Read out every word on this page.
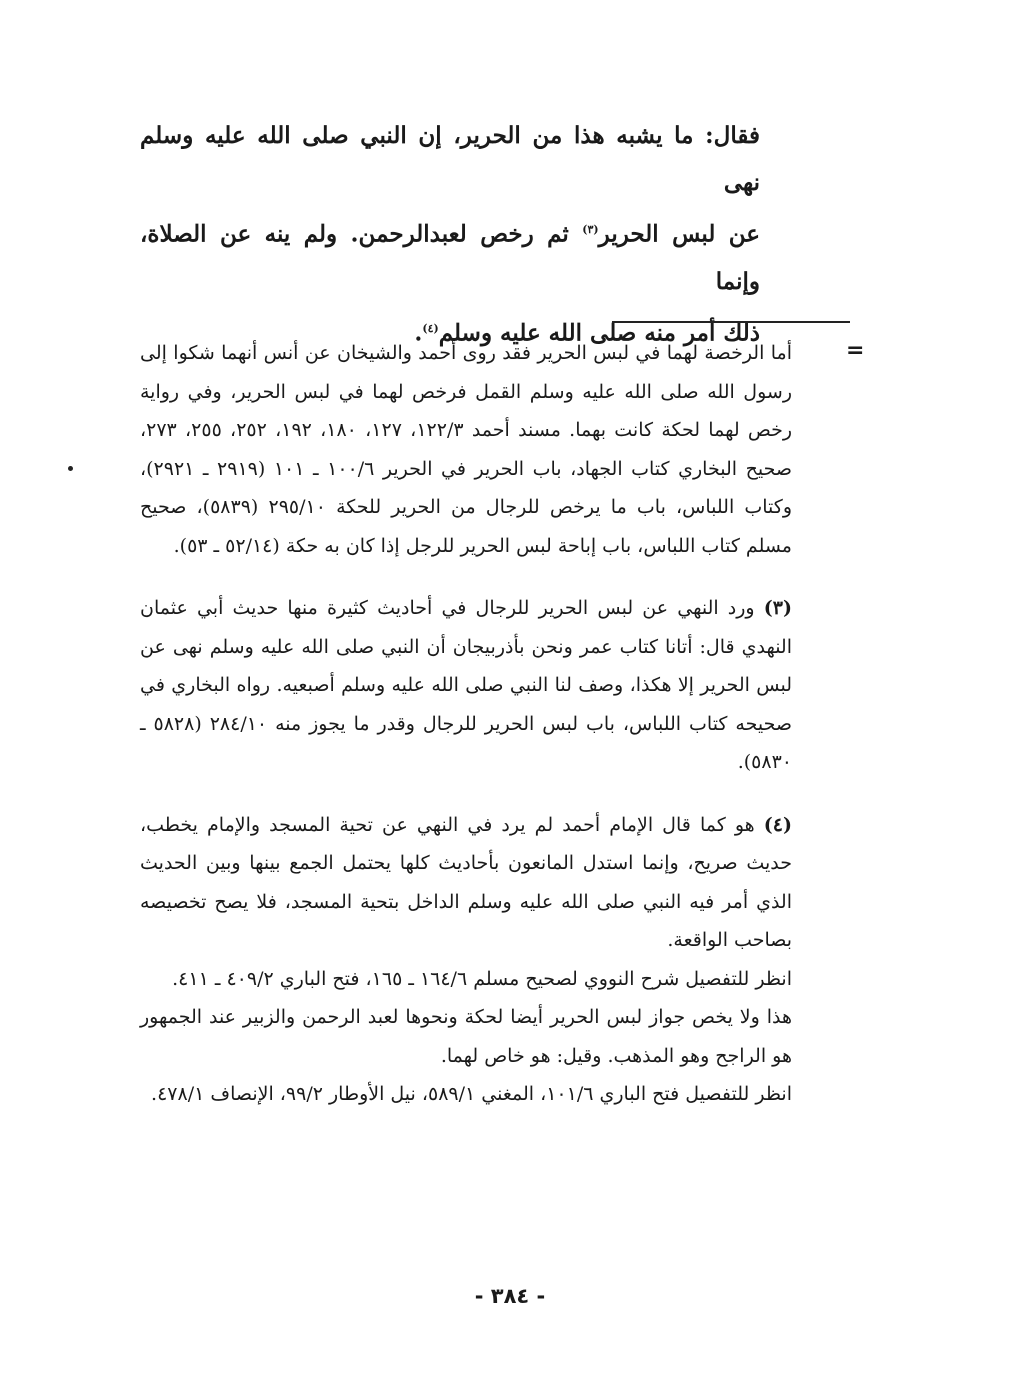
فقال: ما يشبه هذا من الحرير، إن النبي صلى الله عليه وسلم نهى

عن لبس الحرير$^{(٣)}$ ثم رخص لعبدالرحمن. ولم ينه عن الصلاة، وإنما

ذلك أمر منه صلى الله عليه وسلم$^{(٤)}$.

=

أما الرخصة لهما في لبس الحرير فقد روى أحمد والشيخان عن أنس أنهما شكوا إلى رسول الله صلى الله عليه وسلم القمل فرخص لهما في لبس الحرير، وفي رواية رخص لهما لحكة كانت بهما. مسند أحمد ١٢٢/٣، ١٢٧، ١٨٠، ١٩٢، ٢٥٢، ٢٥٥، ٢٧٣، صحيح البخاري كتاب الجهاد، باب الحرير في الحرير ١٠٠/٦ ـ ١٠١ (٢٩١٩ ـ ٢٩٢١)، وكتاب اللباس، باب ما يرخص للرجال من الحرير للحكة ٢٩٥/١٠ (٥٨٣٩)، صحيح مسلم كتاب اللباس، باب إباحة لبس الحرير للرجل إذا كان به حكة (٥٢/١٤ ـ ٥٣).

(٣) ورد النهي عن لبس الحرير للرجال في أحاديث كثيرة منها حديث أبي عثمان النهدي قال: أتانا كتاب عمر ونحن بأذربيجان أن النبي صلى الله عليه وسلم نهى عن لبس الحرير إلا هكذا، وصف لنا النبي صلى الله عليه وسلم أصبعيه. رواه البخاري في صحيحه كتاب اللباس، باب لبس الحرير للرجال وقدر ما يجوز منه ٢٨٤/١٠ (٥٨٢٨ ـ ٥٨٣٠).

(٤) هو كما قال الإمام أحمد لم يرد في النهي عن تحية المسجد والإمام يخطب، حديث صريح، وإنما استدل المانعون بأحاديث كلها يحتمل الجمع بينها وبين الحديث الذي أمر فيه النبي صلى الله عليه وسلم الداخل بتحية المسجد، فلا يصح تخصيصه بصاحب الواقعة.

انظر للتفصيل شرح النووي لصحيح مسلم ١٦٤/٦ ـ ١٦٥، فتح الباري ٤٠٩/٢ ـ ٤١١.

هذا ولا يخص جواز لبس الحرير أيضا لحكة ونحوها لعبد الرحمن والزبير عند الجمهور هو الراجح وهو المذهب. وقيل: هو خاص لهما.

انظر للتفصيل فتح الباري ١٠١/٦، المغني ٥٨٩/١، نيل الأوطار ٩٩/٢، الإنصاف ٤٧٨/١.

- ٣٨٤ -
